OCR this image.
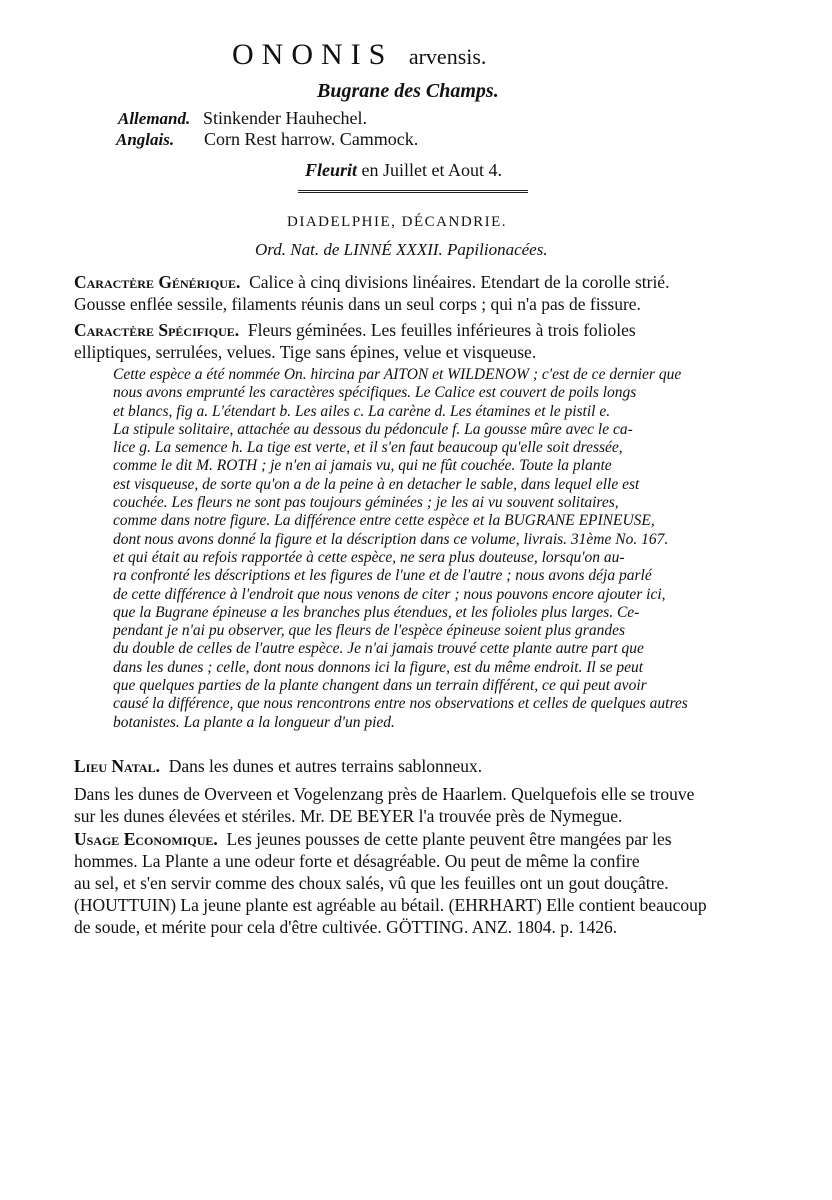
ONONIS arvensis.

Bugrane des Champs.

Allemand. Stinkender Hauhechel.
Anglais. Corn Rest harrow. Cammock.

Fleurit en Juillet et Aout 4.

DIADELPHIE, DÉCANDRIE.

Ord. Nat. de LINNÉ XXXII. Papilionacées.

Caractère Générique. Calice à cinq divisions linéaires. Etendart de la corolle strié.
Gousse enflée sessile, filaments réunis dans un seul corps ; qui n'a pas de fissure.
Caractère Spécifique. Fleurs géminées. Les feuilles inférieures à trois folioles
elliptiques, serrulées, velues. Tige sans épines, velue et visqueuse.
Cette espèce a été nommée On. hircina par AITON et WILDENOW ; c'est de ce dernier que
nous avons emprunté les caractères spécifiques. Le Calice est couvert de poils longs
et blancs, fig a. L'étendart b. Les ailes c. La carène d. Les étamines et le pistil e.
La stipule solitaire, attachée au dessous du pédoncule f. La gousse mûre avec le ca-
lice g. La semence h. La tige est verte, et il s'en faut beaucoup qu'elle soit dressée,
comme le dit M. ROTH ; je n'en ai jamais vu, qui ne fût couchée. Toute la plante
est visqueuse, de sorte qu'on a de la peine à en detacher le sable, dans lequel elle est
couchée. Les fleurs ne sont pas toujours géminées ; je les ai vu souvent solitaires,
comme dans notre figure. La différence entre cette espèce et la BUGRANE EPINEUSE,
dont nous avons donné la figure et la déscription dans ce volume, livrais. 31ème No. 167.
et qui était au refois rapportée à cette espèce, ne sera plus douteuse, lorsqu'on au-
ra confronté les déscriptions et les figures de l'une et de l'autre ; nous avons déja parlé
de cette différence à l'endroit que nous venons de citer ; nous pouvons encore ajouter ici,
que la Bugrane épineuse a les branches plus étendues, et les folioles plus larges. Ce-
pendant je n'ai pu observer, que les fleurs de l'espèce épineuse soient plus grandes
du double de celles de l'autre espèce. Je n'ai jamais trouvé cette plante autre part que
dans les dunes ; celle, dont nous donnons ici la figure, est du même endroit. Il se peut
que quelques parties de la plante changent dans un terrain différent, ce qui peut avoir
causé la différence, que nous rencontrons entre nos observations et celles de quelques autres
botanistes. La plante a la longueur d'un pied.
Lieu Natal. Dans les dunes et autres terrains sablonneux.
Dans les dunes de Overveen et Vogelenzang près de Haarlem. Quelquefois elle se trouve
sur les dunes élevées et stériles. Mr. DE BEYER l'a trouvée près de Nymegue.
Usage Economique. Les jeunes pousses de cette plante peuvent être mangées par les
hommes. La Plante a une odeur forte et désagréable. Ou peut de même la confire
au sel, et s'en servir comme des choux salés, vû que les feuilles ont un gout douçâtre.
(HOUTTUIN) La jeune plante est agréable au bétail. (EHRHART) Elle contient beaucoup
de soude, et mérite pour cela d'être cultivée. GÖTTING. ANZ. 1804. p. 1426.
